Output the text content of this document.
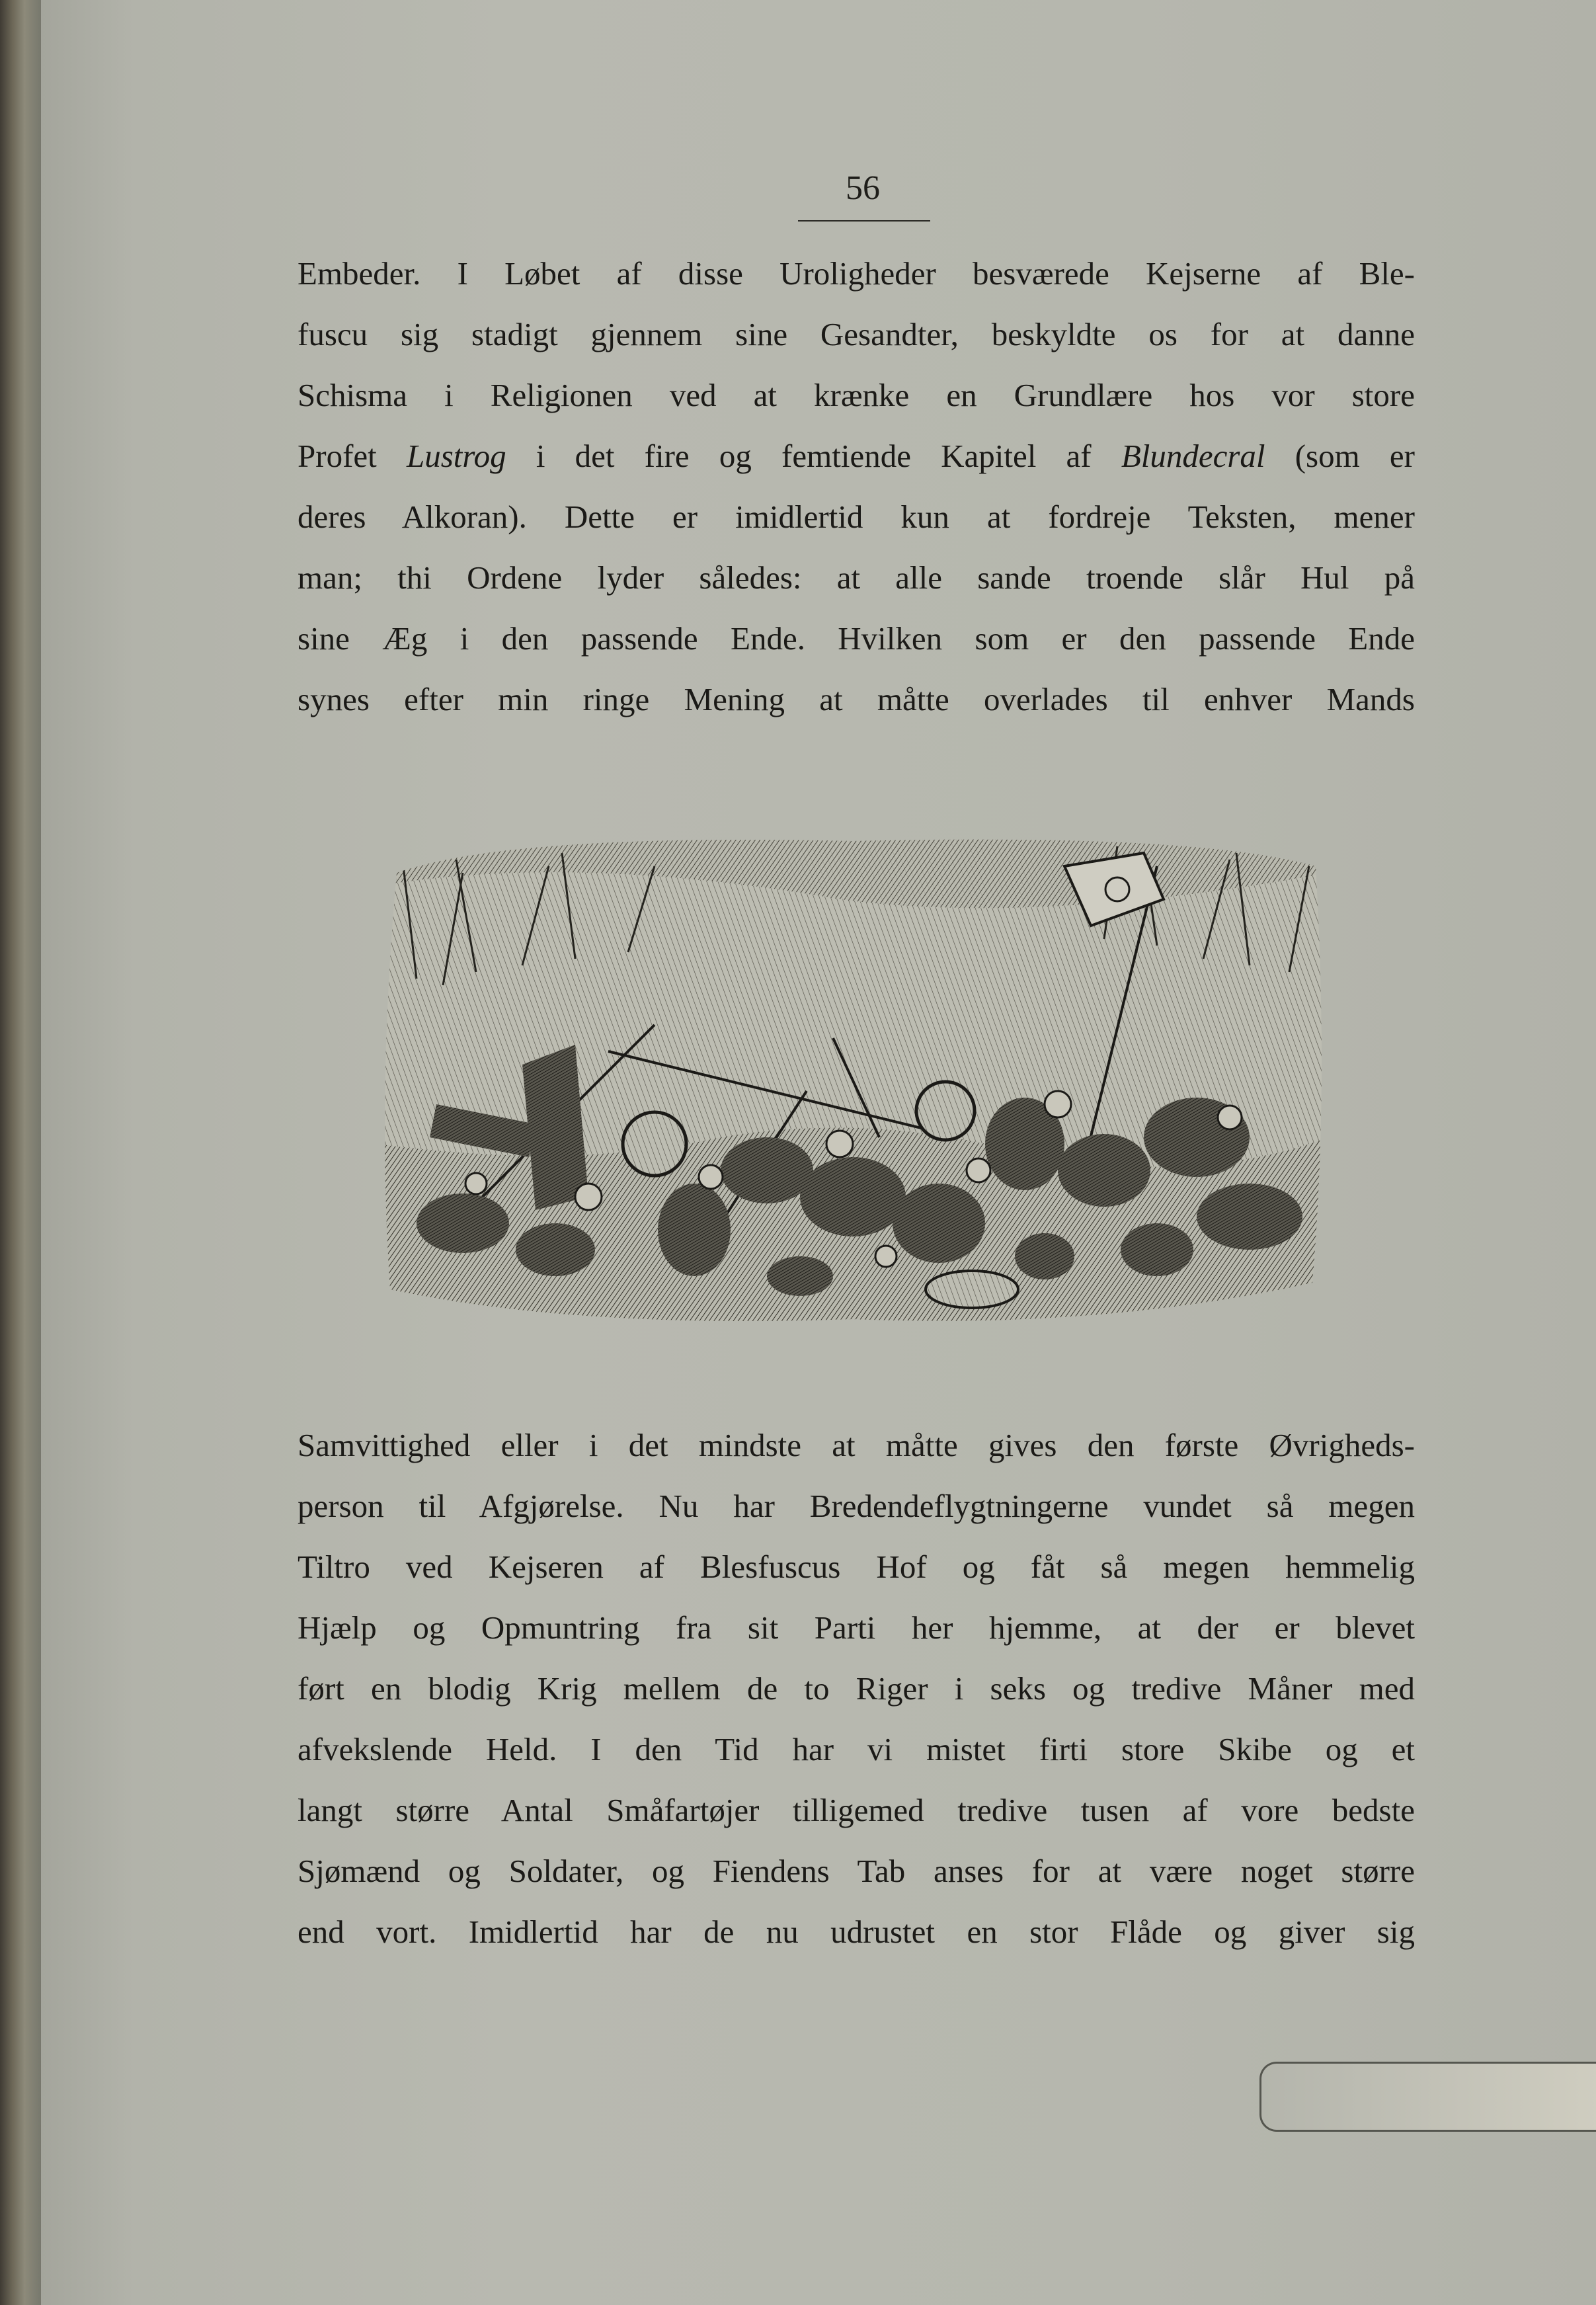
56
Embeder. I Løbet af disse Uroligheder besværede Kejserne af Ble-
fuscu sig stadigt gjennem sine Gesandter, beskyldte os for at danne
Schisma i Religionen ved at krænke en Grundlære hos vor store
Profet Lustrog i det fire og femtiende Kapitel af Blundecral (som er
deres Alkoran). Dette er imidlertid kun at fordreje Teksten, mener
man; thi Ordene lyder således: at alle sande troende slår Hul på
sine Æg i den passende Ende. Hvilken som er den passende Ende
synes efter min ringe Mening at måtte overlades til enhver Mands
Samvittighed eller i det mindste at måtte gives den første Øvrigheds-
person til Afgjørelse. Nu har Bredendeflygtningerne vundet så megen
Tiltro ved Kejseren af Blesfuscus Hof og fåt så megen hemmelig
Hjælp og Opmuntring fra sit Parti her hjemme, at der er blevet
ført en blodig Krig mellem de to Riger i seks og tredive Måner med
afvekslende Held. I den Tid har vi mistet firti store Skibe og et
langt større Antal Småfartøjer tilligemed tredive tusen af vore bedste
Sjømænd og Soldater, og Fiendens Tab anses for at være noget større
end vort. Imidlertid har de nu udrustet en stor Flåde og giver sig
